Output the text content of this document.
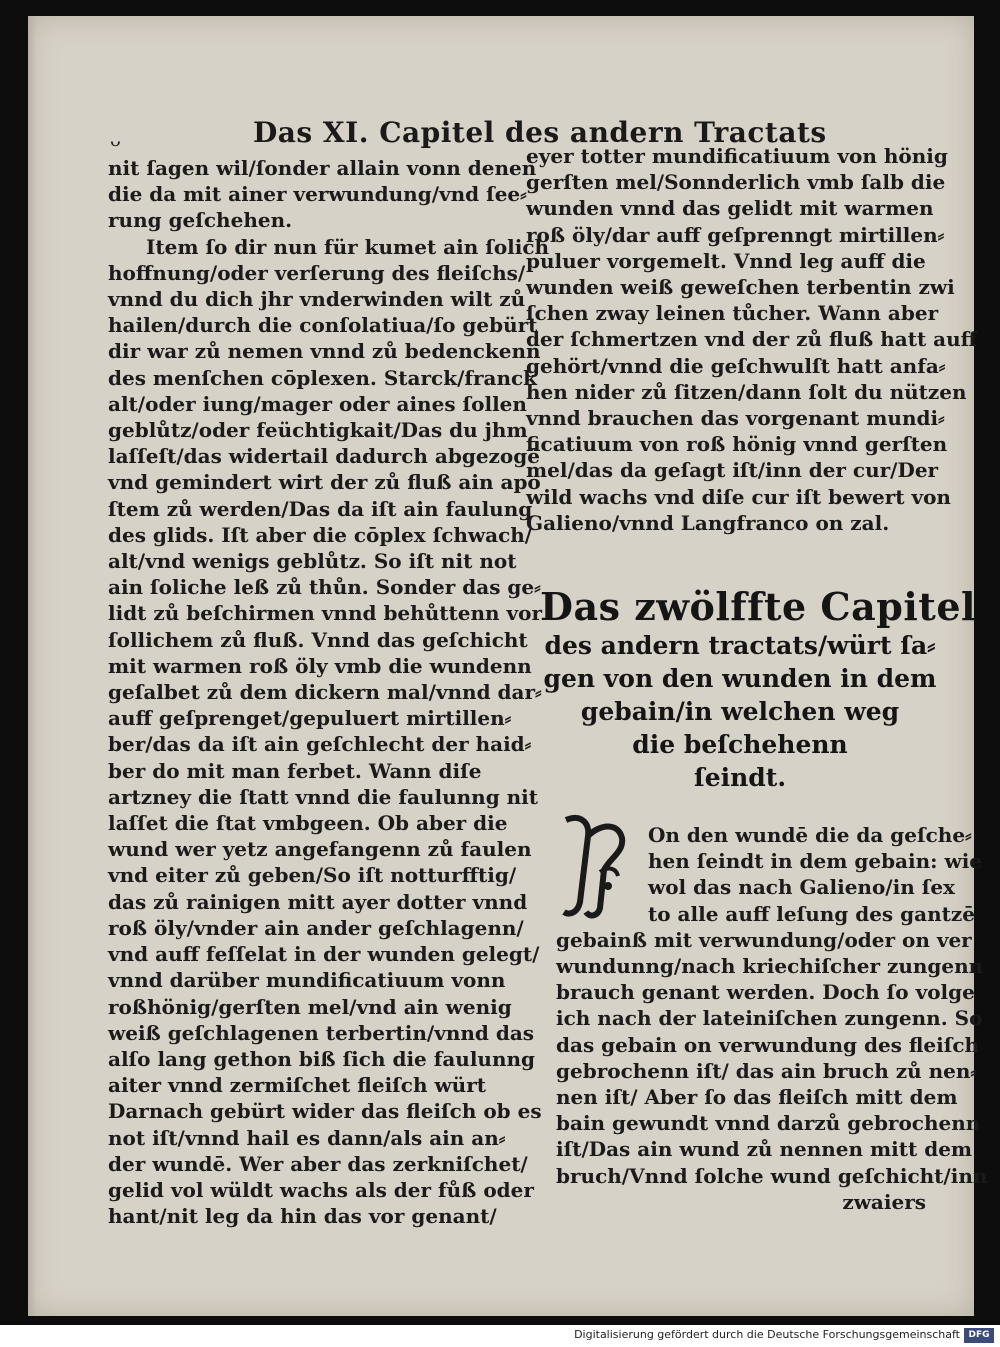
ᴗ	Das XI. Capitel des andern Tractats
nit ſagen wil/ſonder allain vonn denen
die da mit ainer verwundung/vnd ſee⸗
rung geſchehen.
Item ſo dir nun für kumet ain ſolich
hoffnung/oder verſerung des fleiſchs/
vnnd du dich jhr vnderwinden wilt zů
hailen/durch die conſolatiua/ſo gebürt
dir war zů nemen vnnd zů bedenckenn
des menſchen cōplexen. Starck/franck
alt/oder iung/mager oder aines ſollen
geblůtz/oder feüchtigkait/Das du jhm
laſſeſt/das widertail dadurch abgezogē
vnd gemindert wirt der zů fluß ain apo
ſtem zů werden/Das da iſt ain faulung
des glids. Iſt aber die cōplex ſchwach/
alt/vnd wenigs geblůtz. So iſt nit not
ain ſoliche leß zů thůn. Sonder das ge⸗
lidt zů beſchirmen vnnd behůttenn vor
ſollichem zů fluß. Vnnd das geſchicht
mit warmen roß öly vmb die wundenn
geſalbet zů dem dickern mal/vnnd dar⸗
auff geſprenget/gepuluert mirtillen⸗
ber/das da iſt ain geſchlecht der haid⸗
ber do mit man ferbet. Wann diſe
artzney die ſtatt vnnd die faulunng nit
laſſet die ſtat vmbgeen. Ob aber die
wund wer yetz angefangenn zů faulen
vnd eiter zů geben/So iſt notturfftig/
das zů rainigen mitt ayer dotter vnnd
roß öly/vnder ain ander geſchlagenn/
vnd auff feſſelat in der wunden gelegt/
vnnd darüber mundificatiuum vonn
roßhönig/gerſten mel/vnd ain wenig
weiß geſchlagenen terbertin/vnnd das
alſo lang gethon biß ſich die faulunng
aiter vnnd zermiſchet fleiſch würt
Darnach gebürt wider das fleiſch ob es
not iſt/vnnd hail es dann/als ain an⸗
der wundē. Wer aber das zerkniſchet/
gelid vol wüldt wachs als der fůß oder
hant/nit leg da hin das vor genant/
eyer totter mundificatiuum von hönig
gerſten mel/Sonnderlich vmb ſalb die
wunden vnnd das gelidt mit warmen
roß öly/dar auff geſprenngt mirtillen⸗
puluer vorgemelt. Vnnd leg auff die
wunden weiß geweſchen terbentin zwi
ſchen zway leinen tůcher. Wann aber
der ſchmertzen vnd der zů fluß hatt auff
gehört/vnnd die geſchwulſt hatt anfa⸗
hen nider zů ſitzen/dann ſolt du nützen
vnnd brauchen das vorgenant mundi⸗
ficatiuum von roß hönig vnnd gerſten
mel/das da geſagt iſt/inn der cur/Der
wild wachs vnd diſe cur iſt bewert von
Galieno/vnnd Langfranco on zal.
Das zwölffte Capitel
des andern tractats/würt ſa⸗
gen von den wunden in dem
gebain/in welchen weg
die beſchehenn
ſeindt.
On den wundē die da geſche⸗
hen ſeindt in dem gebain: wie
wol das nach Galieno/in ſex
to alle auff leſung des gantzē
gebainß mit verwundung/oder on ver
wundunng/nach kriechiſcher zungenn
brauch genant werden. Doch ſo volge
ich nach der lateiniſchen zungenn. So
das gebain on verwundung des fleiſch
gebrochenn iſt/ das ain bruch zů nen⸗
nen iſt/ Aber ſo das fleiſch mitt dem
bain gewundt vnnd darzů gebrochenn
iſt/Das ain wund zů nennen mitt dem
bruch/Vnnd ſolche wund geſchicht/inn
zwaiers
Digitalisierung gefördert durch die Deutsche Forschungsgemeinschaft DFG
